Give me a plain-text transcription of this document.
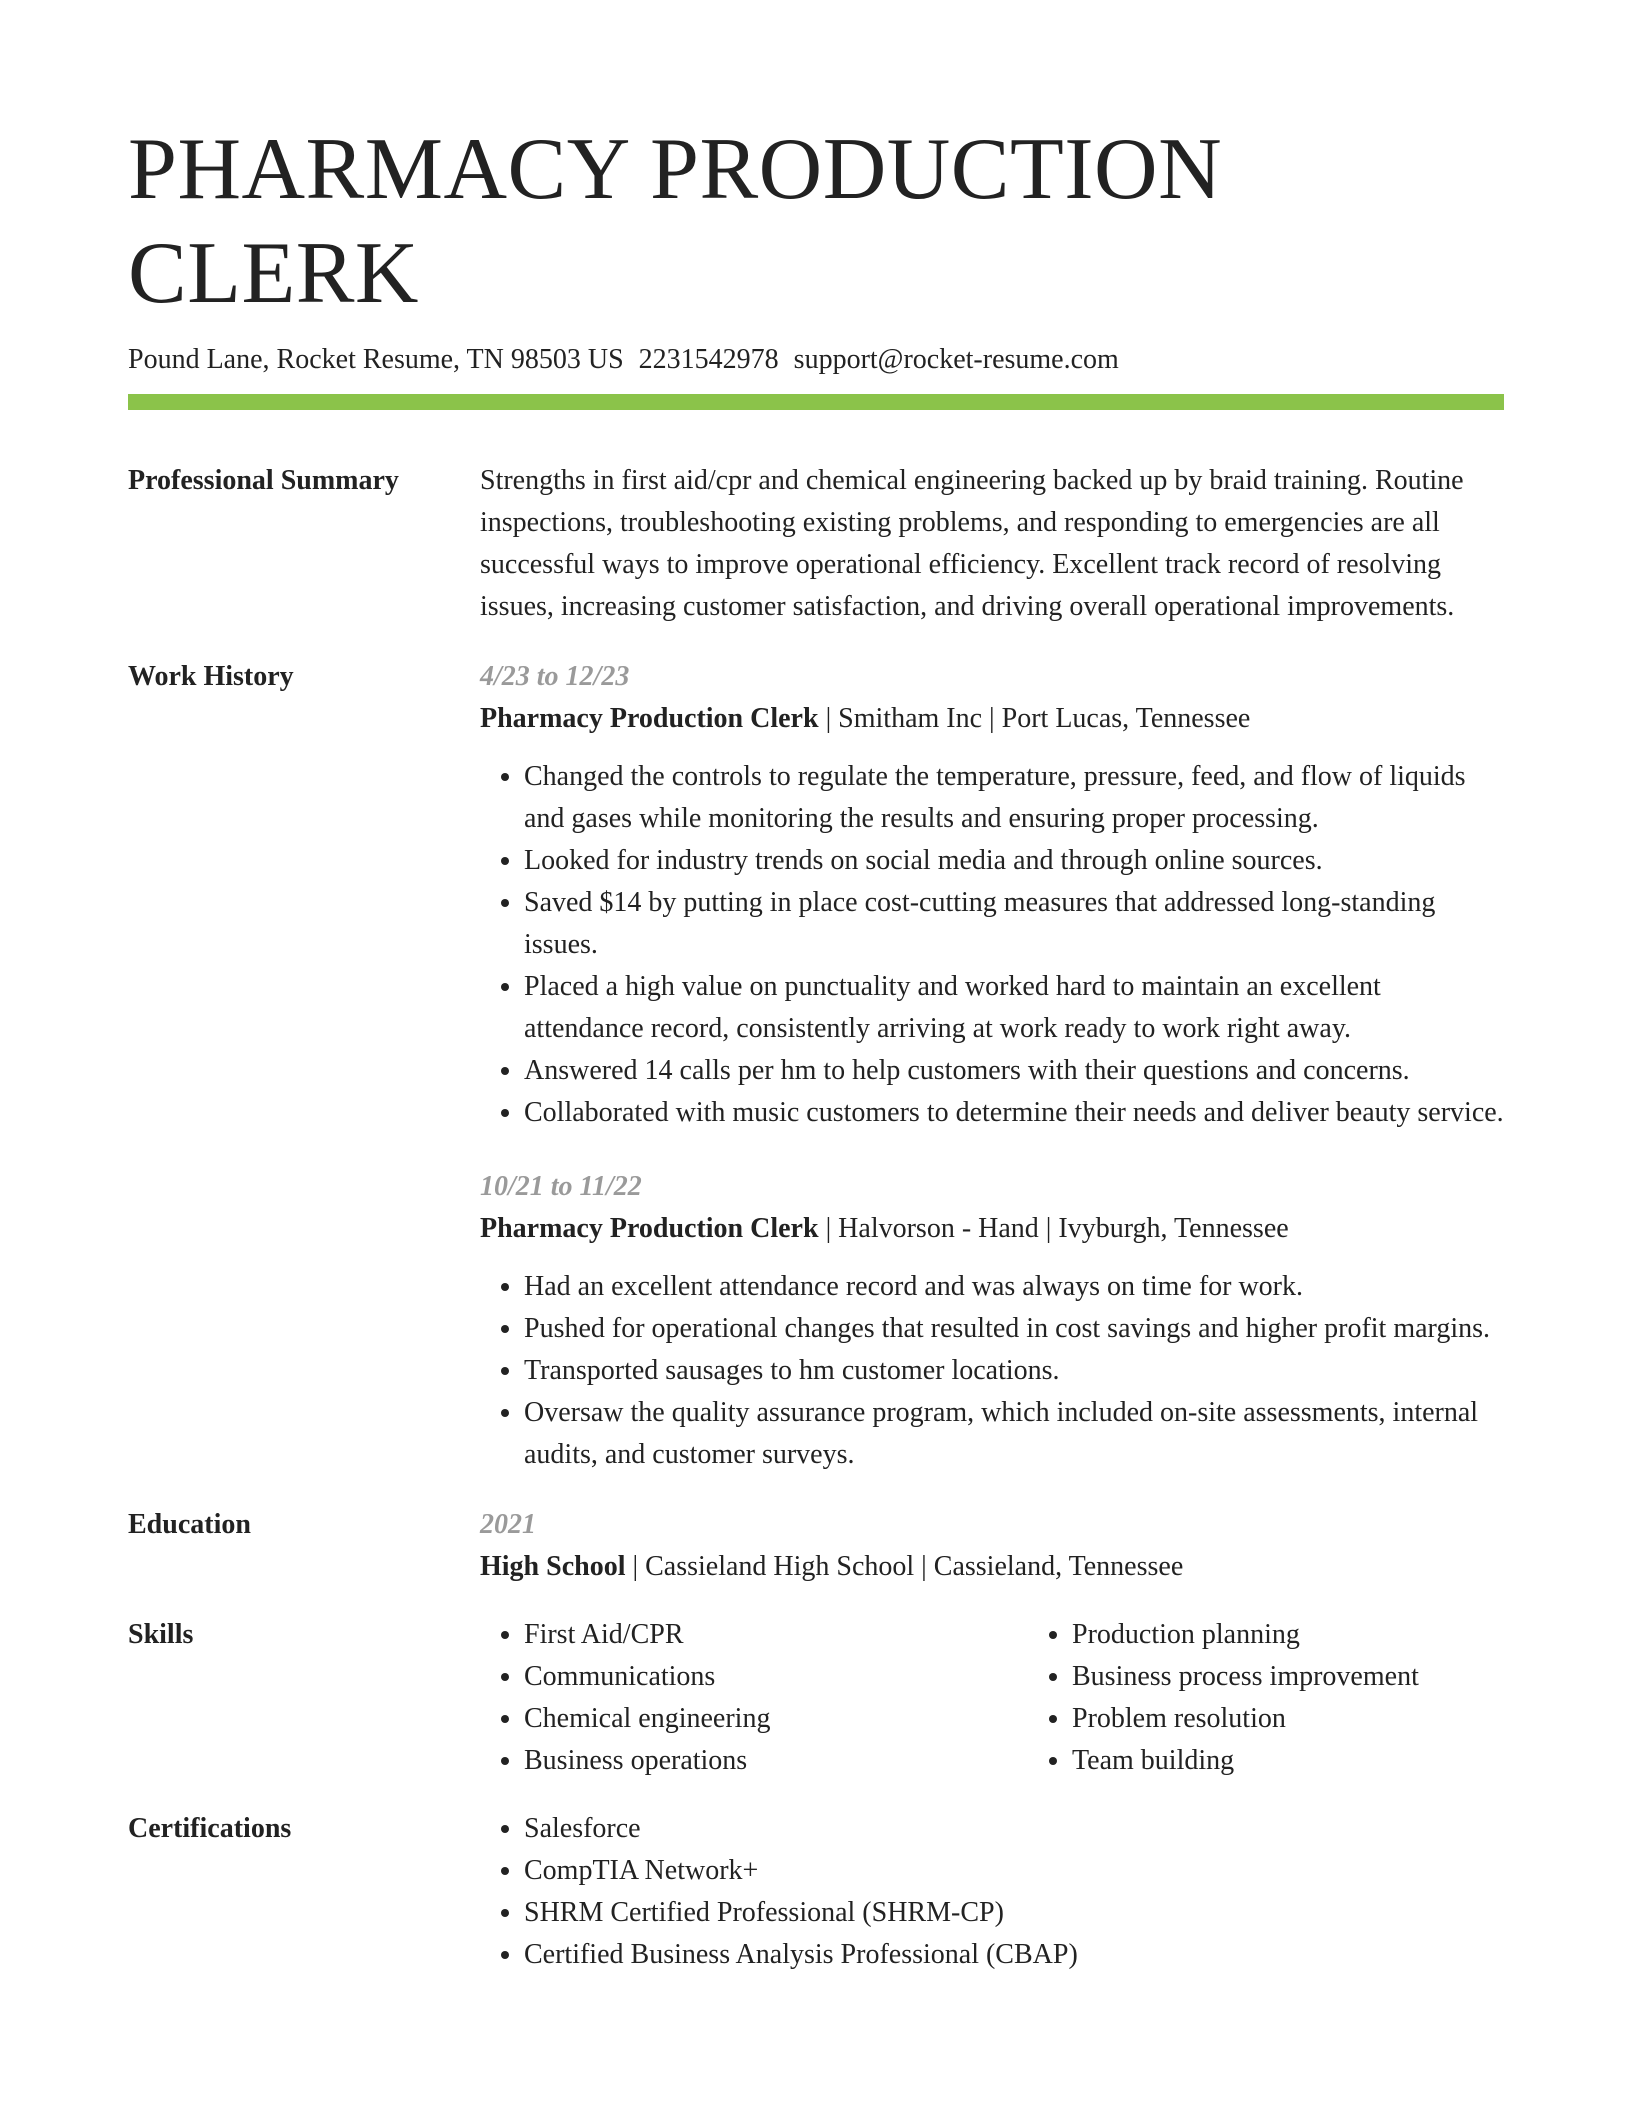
PHARMACY PRODUCTION CLERK
Pound Lane, Rocket Resume, TN 98503 US 2231542978 support@rocket-resume.com
Professional Summary	Strengths in first aid/cpr and chemical engineering backed up by braid training. Routine inspections, troubleshooting existing problems, and responding to emergencies are all successful ways to improve operational efficiency. Excellent track record of resolving issues, increasing customer satisfaction, and driving overall operational improvements.
Work History	4/23 to 12/23
Pharmacy Production Clerk | Smitham Inc | Port Lucas, Tennessee
• Changed the controls to regulate the temperature, pressure, feed, and flow of liquids and gases while monitoring the results and ensuring proper processing.
• Looked for industry trends on social media and through online sources.
• Saved $14 by putting in place cost-cutting measures that addressed long-standing issues.
• Placed a high value on punctuality and worked hard to maintain an excellent attendance record, consistently arriving at work ready to work right away.
• Answered 14 calls per hm to help customers with their questions and concerns.
• Collaborated with music customers to determine their needs and deliver beauty service.
10/21 to 11/22
Pharmacy Production Clerk | Halvorson - Hand | Ivyburgh, Tennessee
• Had an excellent attendance record and was always on time for work.
• Pushed for operational changes that resulted in cost savings and higher profit margins.
• Transported sausages to hm customer locations.
• Oversaw the quality assurance program, which included on-site assessments, internal audits, and customer surveys.
Education	2021
High School | Cassieland High School | Cassieland, Tennessee
Skills	• First Aid/CPR
• Communications
• Chemical engineering
• Business operations
• Production planning
• Business process improvement
• Problem resolution
• Team building
Certifications	• Salesforce
• CompTIA Network+
• SHRM Certified Professional (SHRM-CP)
• Certified Business Analysis Professional (CBAP)
